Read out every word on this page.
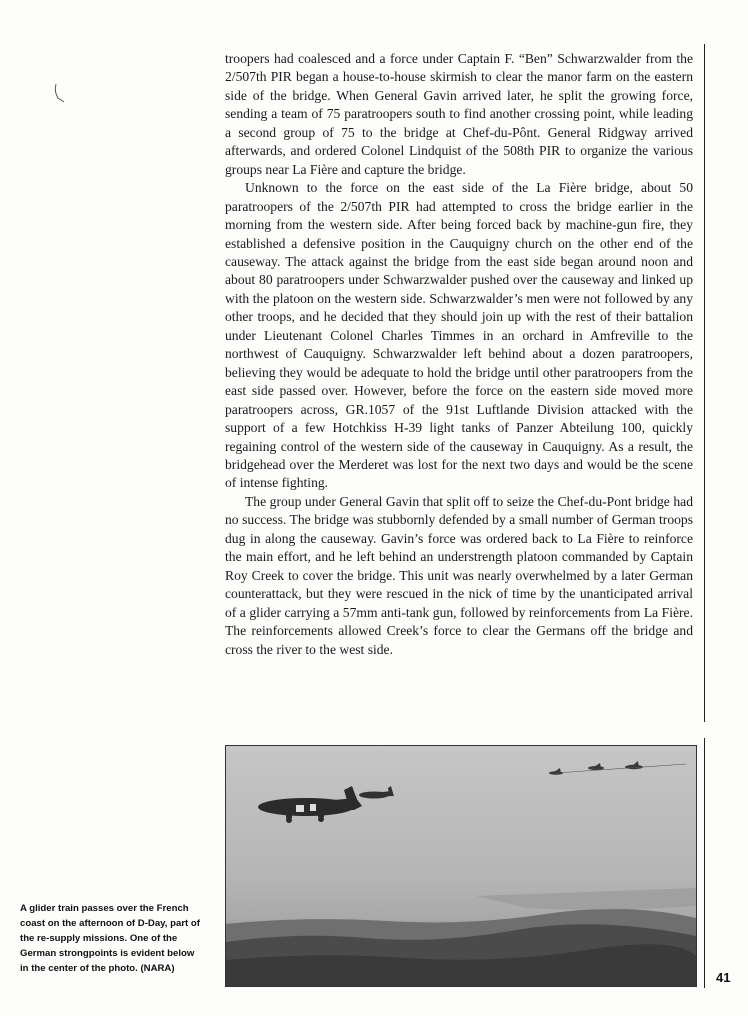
troopers had coalesced and a force under Captain F. “Ben” Schwarzwalder from the 2/507th PIR began a house-to-house skirmish to clear the manor farm on the eastern side of the bridge. When General Gavin arrived later, he split the growing force, sending a team of 75 paratroopers south to find another crossing point, while leading a second group of 75 to the bridge at Chef-du-Pônt. General Ridgway arrived afterwards, and ordered Colonel Lindquist of the 508th PIR to organize the various groups near La Fière and capture the bridge.

Unknown to the force on the east side of the La Fière bridge, about 50 paratroopers of the 2/507th PIR had attempted to cross the bridge earlier in the morning from the western side. After being forced back by machine-gun fire, they established a defensive position in the Cauquigny church on the other end of the causeway. The attack against the bridge from the east side began around noon and about 80 paratroopers under Schwarzwalder pushed over the causeway and linked up with the platoon on the western side. Schwarzwalder’s men were not followed by any other troops, and he decided that they should join up with the rest of their battalion under Lieutenant Colonel Charles Timmes in an orchard in Amfreville to the northwest of Cauquigny. Schwarzwalder left behind about a dozen paratroopers, believing they would be adequate to hold the bridge until other paratroopers from the east side passed over. However, before the force on the eastern side moved more paratroopers across, GR.1057 of the 91st Luftlande Division attacked with the support of a few Hotchkiss H-39 light tanks of Panzer Abteilung 100, quickly regaining control of the western side of the causeway in Cauquigny. As a result, the bridgehead over the Merderet was lost for the next two days and would be the scene of intense fighting.

The group under General Gavin that split off to seize the Chef-du-Pont bridge had no success. The bridge was stubbornly defended by a small number of German troops dug in along the causeway. Gavin’s force was ordered back to La Fière to reinforce the main effort, and he left behind an understrength platoon commanded by Captain Roy Creek to cover the bridge. This unit was nearly overwhelmed by a later German counterattack, but they were rescued in the nick of time by the unanticipated arrival of a glider carrying a 57mm anti-tank gun, followed by reinforcements from La Fière. The reinforcements allowed Creek’s force to clear the Germans off the bridge and cross the river to the west side.

A glider train passes over the French coast on the afternoon of D-Day, part of the re-supply missions. One of the German strongpoints is evident below in the center of the photo. (NARA)
41
